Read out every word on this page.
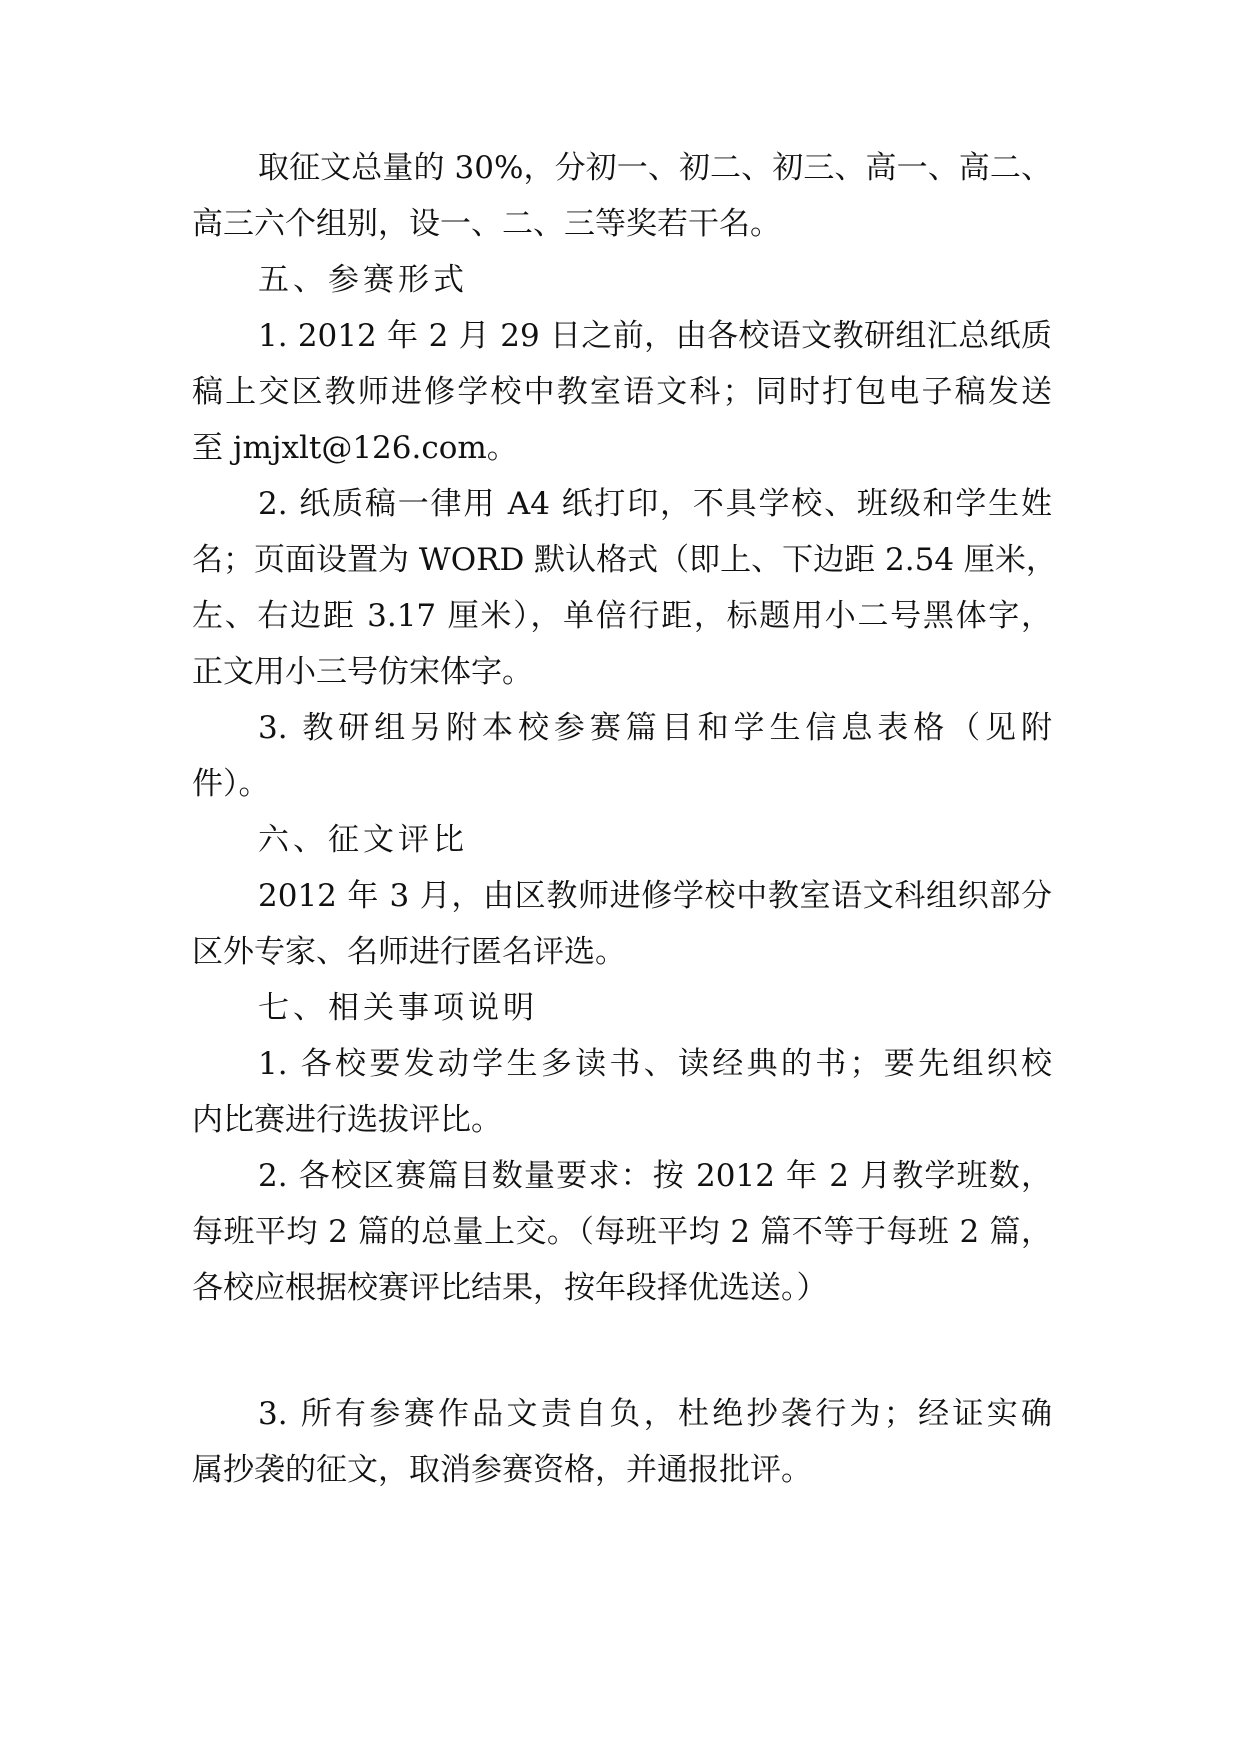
取征文总量的 30%，分初一、初二、初三、高一、高二、

高三六个组别，设一、二、三等奖若干名。

五、参赛形式

1. 2012 年 2 月 29 日之前，由各校语文教研组汇总纸质

稿上交区教师进修学校中教室语文科；同时打包电子稿发送

至 jmjxlt@126.com。

2. 纸质稿一律用 A4 纸打印，不具学校、班级和学生姓

名；页面设置为 WORD 默认格式（即上、下边距 2.54 厘米，

左、右边距 3.17 厘米），单倍行距，标题用小二号黑体字，

正文用小三号仿宋体字。

3. 教研组另附本校参赛篇目和学生信息表格（见附

件）。

六、征文评比

2012 年 3 月，由区教师进修学校中教室语文科组织部分

区外专家、名师进行匿名评选。

七、相关事项说明

1. 各校要发动学生多读书、读经典的书；要先组织校

内比赛进行选拔评比。

2. 各校区赛篇目数量要求：按 2012 年 2 月教学班数，

每班平均 2 篇的总量上交。（每班平均 2 篇不等于每班 2 篇，

各校应根据校赛评比结果，按年段择优选送。）

3. 所有参赛作品文责自负，杜绝抄袭行为；经证实确

属抄袭的征文，取消参赛资格，并通报批评。
